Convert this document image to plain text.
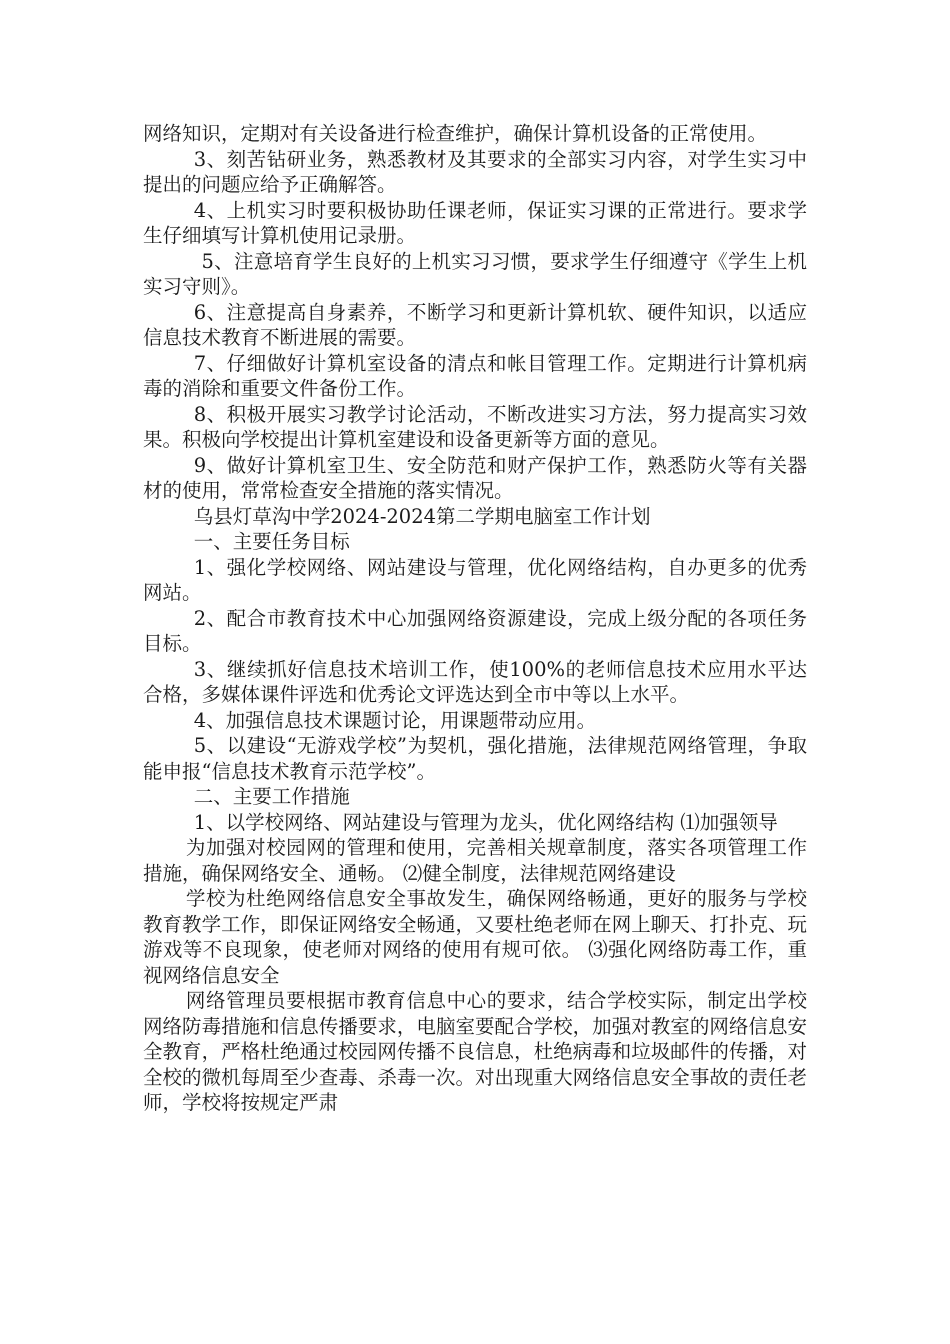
网络知识，定期对有关设备进行检查维护，确保计算机设备的正常使用。

3、刻苦钻研业务，熟悉教材及其要求的全部实习内容，对学生实习中提出的问题应给予正确解答。

4、上机实习时要积极协助任课老师，保证实习课的正常进行。要求学生仔细填写计算机使用记录册。

5、注意培育学生良好的上机实习习惯，要求学生仔细遵守《学生上机实习守则》。

6、注意提高自身素养，不断学习和更新计算机软、硬件知识，以适应信息技术教育不断进展的需要。

7、仔细做好计算机室设备的清点和帐目管理工作。定期进行计算机病毒的消除和重要文件备份工作。

8、积极开展实习教学讨论活动，不断改进实习方法，努力提高实习效果。积极向学校提出计算机室建设和设备更新等方面的意见。

9、做好计算机室卫生、安全防范和财产保护工作，熟悉防火等有关器材的使用，常常检查安全措施的落实情况。

乌县灯草沟中学2024-2024第二学期电脑室工作计划

一、主要任务目标

1、强化学校网络、网站建设与管理，优化网络结构，自办更多的优秀网站。

2、配合市教育技术中心加强网络资源建设，完成上级分配的各项任务目标。

3、继续抓好信息技术培训工作，使100%的老师信息技术应用水平达合格，多媒体课件评选和优秀论文评选达到全市中等以上水平。

4、加强信息技术课题讨论，用课题带动应用。

5、以建设“无游戏学校”为契机，强化措施，法律规范网络管理，争取能申报“信息技术教育示范学校”。

二、主要工作措施

1、以学校网络、网站建设与管理为龙头，优化网络结构 ⑴加强领导

为加强对校园网的管理和使用，完善相关规章制度，落实各项管理工作措施，确保网络安全、通畅。 ⑵健全制度，法律规范网络建设

学校为杜绝网络信息安全事故发生，确保网络畅通，更好的服务与学校教育教学工作，即保证网络安全畅通，又要杜绝老师在网上聊天、打扑克、玩游戏等不良现象，使老师对网络的使用有规可依。 ⑶强化网络防毒工作，重视网络信息安全

网络管理员要根据市教育信息中心的要求，结合学校实际，制定出学校网络防毒措施和信息传播要求，电脑室要配合学校，加强对教室的网络信息安全教育，严格杜绝通过校园网传播不良信息，杜绝病毒和垃圾邮件的传播，对全校的微机每周至少查毒、杀毒一次。对出现重大网络信息安全事故的责任老师，学校将按规定严肃
